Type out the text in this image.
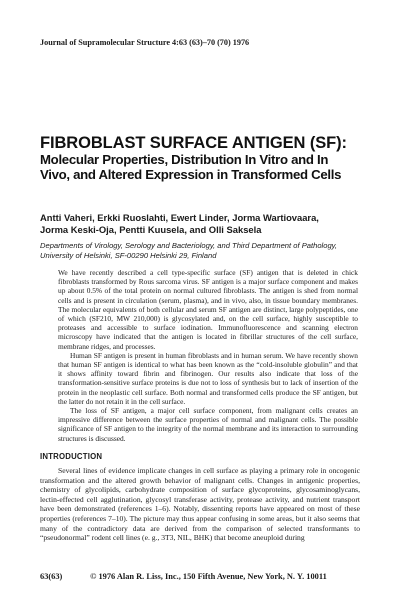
Journal of Supramolecular Structure 4:63 (63)–70 (70) 1976
FIBROBLAST SURFACE ANTIGEN (SF):
Molecular Properties, Distribution In Vitro and In
Vivo, and Altered Expression in Transformed Cells
Antti Vaheri, Erkki Ruoslahti, Ewert Linder, Jorma Wartiovaara,
Jorma Keski-Oja, Pentti Kuusela, and Olli Saksela
Departments of Virology, Serology and Bacteriology, and Third Department of Pathology,
University of Helsinki, SF-00290 Helsinki 29, Finland

We have recently described a cell type-specific surface (SF) antigen that is deleted in chick fibroblasts transformed by Rous sarcoma virus. SF antigen is a major surface component and makes up about 0.5% of the total protein on normal cultured fibroblasts. The antigen is shed from normal cells and is present in circulation (serum, plasma), and in vivo, also, in tissue boundary membranes. The molecular equivalents of both cellular and serum SF antigen are distinct, large polypeptides, one of which (SF210, MW 210,000) is glycosylated and, on the cell surface, highly susceptible to proteases and accessible to surface iodination. Immunofluorescence and scanning electron microscopy have indicated that the antigen is located in fibrillar structures of the cell surface, membrane ridges, and processes.

Human SF antigen is present in human fibroblasts and in human serum. We have recently shown that human SF antigen is identical to what has been known as the “cold-insoluble globulin” and that it shows affinity toward fibrin and fibrinogen. Our results also indicate that loss of the transformation-sensitive surface proteins is due not to loss of synthesis but to lack of insertion of the protein in the neoplastic cell surface. Both normal and transformed cells produce the SF antigen, but the latter do not retain it in the cell surface.

The loss of SF antigen, a major cell surface component, from malignant cells creates an impressive difference between the surface properties of normal and malignant cells. The possible significance of SF antigen to the integrity of the normal membrane and its interaction to surrounding structures is discussed.

INTRODUCTION

Several lines of evidence implicate changes in cell surface as playing a primary role in oncogenic transformation and the altered growth behavior of malignant cells. Changes in antigenic properties, chemistry of glycolipids, carbohydrate composition of surface glycoproteins, glycosaminoglycans, lectin-effected cell agglutination, glycosyl transferase activity, protease activity, and nutrient transport have been demonstrated (references 1–6). Notably, dissenting reports have appeared on most of these properties (references 7–10). The picture may thus appear confusing in some areas, but it also seems that many of the contradictory data are derived from the comparison of selected transformants to “pseudonormal” rodent cell lines (e. g., 3T3, NIL, BHK) that become aneuploid during

63(63)	© 1976 Alan R. Liss, Inc., 150 Fifth Avenue, New York, N. Y. 10011
